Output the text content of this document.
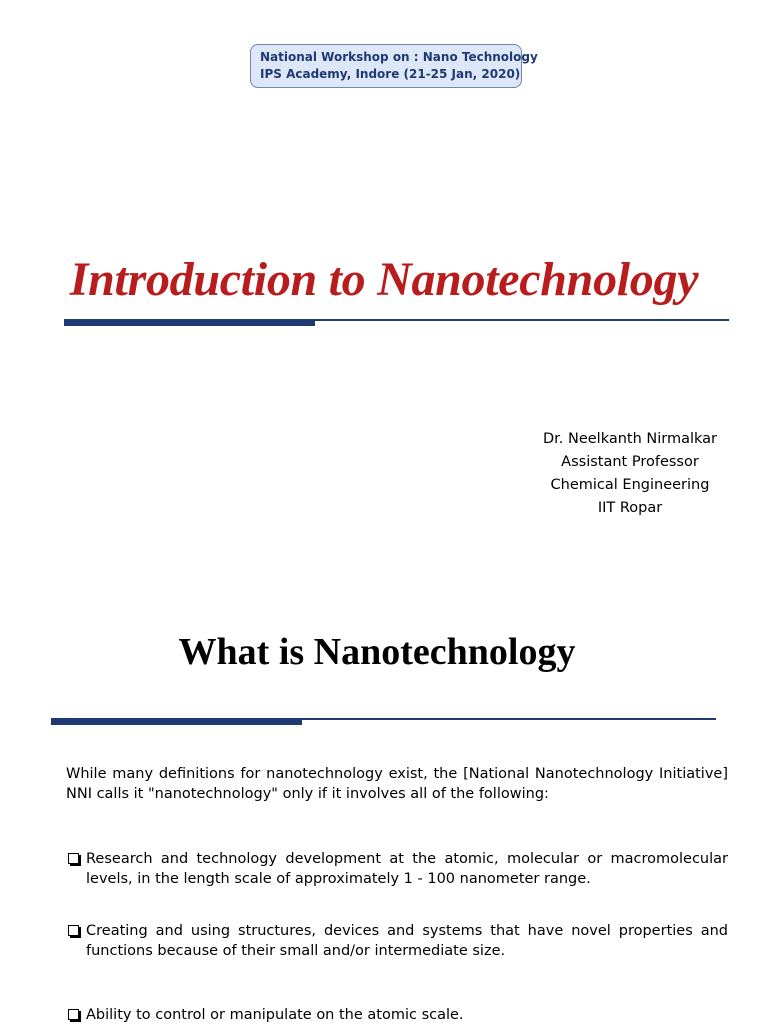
National Workshop on : Nano Technology
IPS Academy, Indore (21-25 Jan, 2020)
Introduction to Nanotechnology
Dr. Neelkanth Nirmalkar
Assistant Professor
Chemical Engineering
IIT Ropar
What is Nanotechnology
While many definitions for nanotechnology exist, the [National Nanotechnology Initiative] NNI calls it "nanotechnology" only if it involves all of the following:
Research and technology development at the atomic, molecular or macromolecular levels, in the length scale of approximately 1 - 100 nanometer range.
Creating and using structures, devices and systems that have novel properties and functions because of their small and/or intermediate size.
Ability to control or manipulate on the atomic scale.
